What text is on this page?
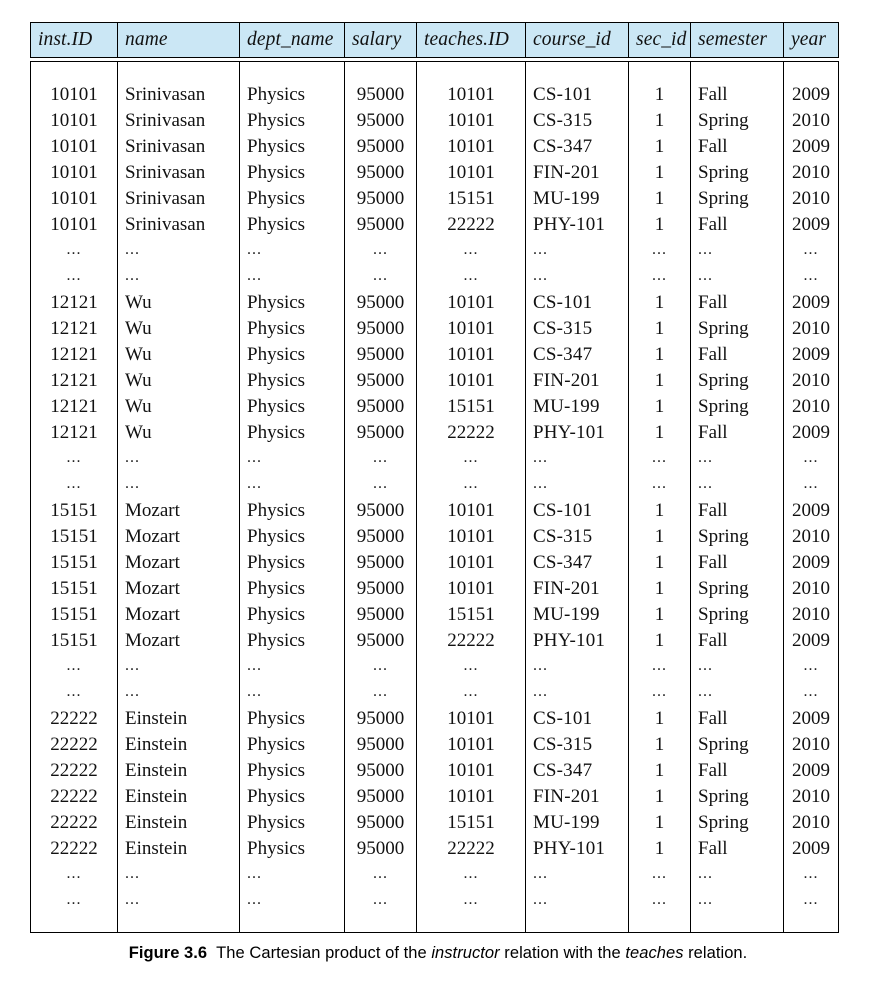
inst.ID	name	dept_name	salary	teaches.ID	course_id	sec_id	semester	year

10101	Srinivasan	Physics	95000	10101	CS-101	1	Fall	2009
10101	Srinivasan	Physics	95000	10101	CS-315	1	Spring	2010
10101	Srinivasan	Physics	95000	10101	CS-347	1	Fall	2009
10101	Srinivasan	Physics	95000	10101	FIN-201	1	Spring	2010
10101	Srinivasan	Physics	95000	15151	MU-199	1	Spring	2010
10101	Srinivasan	Physics	95000	22222	PHY-101	1	Fall	2009
...	...	...	...	...	...	...	...	...
...	...	...	...	...	...	...	...	...
12121	Wu	Physics	95000	10101	CS-101	1	Fall	2009
12121	Wu	Physics	95000	10101	CS-315	1	Spring	2010
12121	Wu	Physics	95000	10101	CS-347	1	Fall	2009
12121	Wu	Physics	95000	10101	FIN-201	1	Spring	2010
12121	Wu	Physics	95000	15151	MU-199	1	Spring	2010
12121	Wu	Physics	95000	22222	PHY-101	1	Fall	2009
...	...	...	...	...	...	...	...	...
...	...	...	...	...	...	...	...	...
15151	Mozart	Physics	95000	10101	CS-101	1	Fall	2009
15151	Mozart	Physics	95000	10101	CS-315	1	Spring	2010
15151	Mozart	Physics	95000	10101	CS-347	1	Fall	2009
15151	Mozart	Physics	95000	10101	FIN-201	1	Spring	2010
15151	Mozart	Physics	95000	15151	MU-199	1	Spring	2010
15151	Mozart	Physics	95000	22222	PHY-101	1	Fall	2009
...	...	...	...	...	...	...	...	...
...	...	...	...	...	...	...	...	...
22222	Einstein	Physics	95000	10101	CS-101	1	Fall	2009
22222	Einstein	Physics	95000	10101	CS-315	1	Spring	2010
22222	Einstein	Physics	95000	10101	CS-347	1	Fall	2009
22222	Einstein	Physics	95000	10101	FIN-201	1	Spring	2010
22222	Einstein	Physics	95000	15151	MU-199	1	Spring	2010
22222	Einstein	Physics	95000	22222	PHY-101	1	Fall	2009
...	...	...	...	...	...	...	...	...
...	...	...	...	...	...	...	...	...

Figure 3.6 The Cartesian product of the instructor relation with the teaches relation.
